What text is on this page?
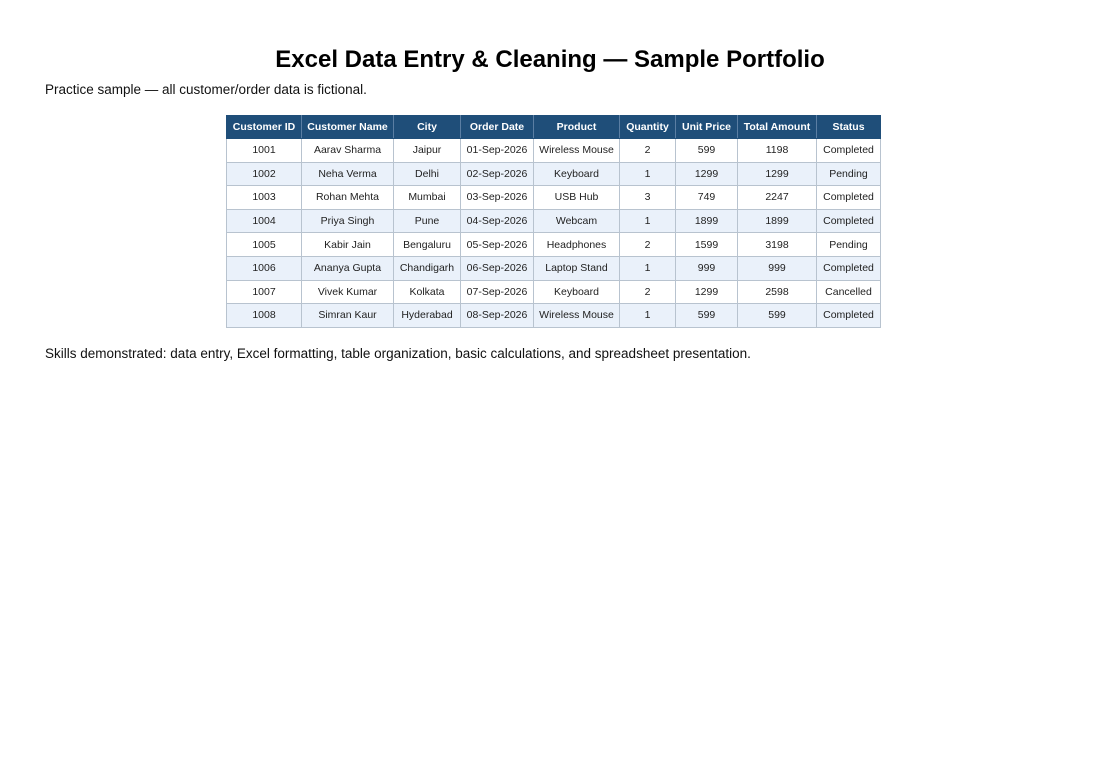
Excel Data Entry & Cleaning — Sample Portfolio

Practice sample — all customer/order data is fictional.

Customer ID	Customer Name	City	Order Date	Product	Quantity	Unit Price	Total Amount	Status
1001	Aarav Sharma	Jaipur	01-Sep-2026	Wireless Mouse	2	599	1198	Completed
1002	Neha Verma	Delhi	02-Sep-2026	Keyboard	1	1299	1299	Pending
1003	Rohan Mehta	Mumbai	03-Sep-2026	USB Hub	3	749	2247	Completed
1004	Priya Singh	Pune	04-Sep-2026	Webcam	1	1899	1899	Completed
1005	Kabir Jain	Bengaluru	05-Sep-2026	Headphones	2	1599	3198	Pending
1006	Ananya Gupta	Chandigarh	06-Sep-2026	Laptop Stand	1	999	999	Completed
1007	Vivek Kumar	Kolkata	07-Sep-2026	Keyboard	2	1299	2598	Cancelled
1008	Simran Kaur	Hyderabad	08-Sep-2026	Wireless Mouse	1	599	599	Completed

Skills demonstrated: data entry, Excel formatting, table organization, basic calculations, and spreadsheet presentation.
